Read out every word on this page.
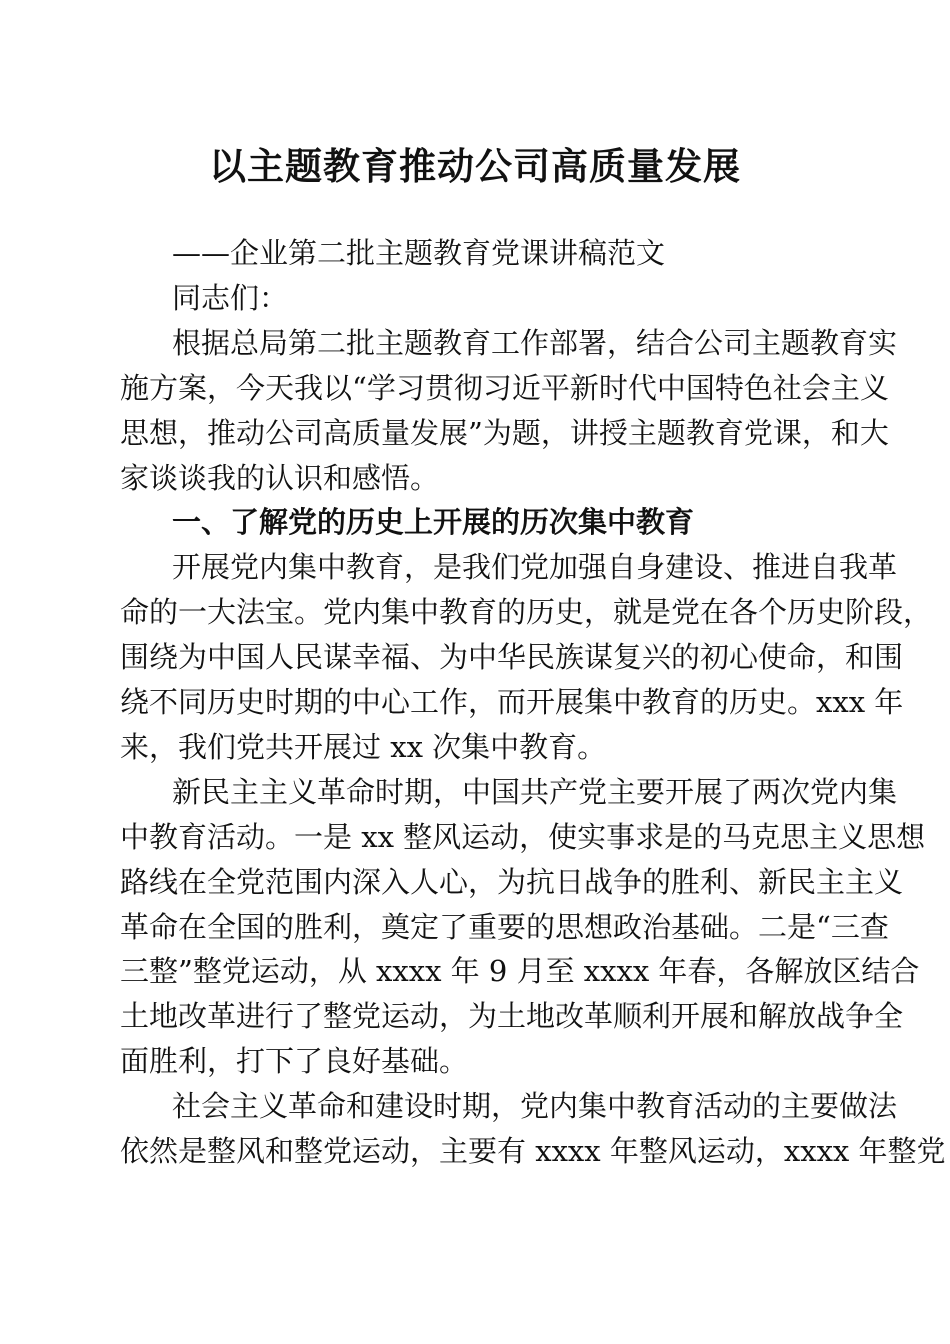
以主题教育推动公司高质量发展
——企业第二批主题教育党课讲稿范文
同志们：
根据总局第二批主题教育工作部署，结合公司主题教育实
施方案，今天我以“学习贯彻习近平新时代中国特色社会主义
思想，推动公司高质量发展”为题，讲授主题教育党课，和大
家谈谈我的认识和感悟。
一、了解党的历史上开展的历次集中教育
开展党内集中教育，是我们党加强自身建设、推进自我革
命的一大法宝。党内集中教育的历史，就是党在各个历史阶段，
围绕为中国人民谋幸福、为中华民族谋复兴的初心使命，和围
绕不同历史时期的中心工作，而开展集中教育的历史。xxx 年
来，我们党共开展过 xx 次集中教育。
新民主主义革命时期，中国共产党主要开展了两次党内集
中教育活动。一是 xx 整风运动，使实事求是的马克思主义思想
路线在全党范围内深入人心，为抗日战争的胜利、新民主主义
革命在全国的胜利，奠定了重要的思想政治基础。二是“三查
三整”整党运动，从 xxxx 年 9 月至 xxxx 年春，各解放区结合
土地改革进行了整党运动，为土地改革顺利开展和解放战争全
面胜利，打下了良好基础。
社会主义革命和建设时期，党内集中教育活动的主要做法
依然是整风和整党运动，主要有 xxxx 年整风运动，xxxx 年整党
